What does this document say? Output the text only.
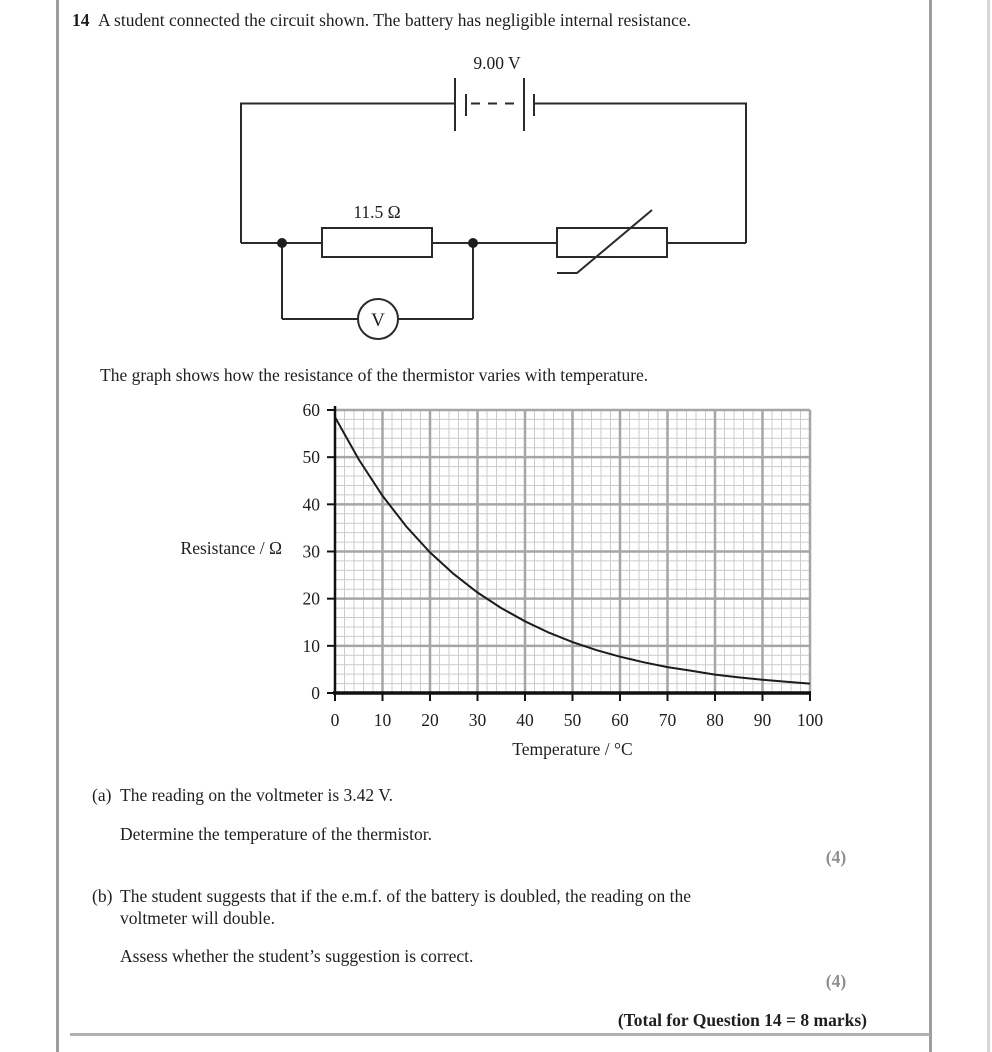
14 A student connected the circuit shown. The battery has negligible internal resistance.
9.00 V
11.5 Ω
V
The graph shows how the resistance of the thermistor varies with temperature.
Resistance / Ω
0 10 20 30 40 50 60 70 80 90 100
0
10
20
30
40
50
60
Temperature / °C
(a) The reading on the voltmeter is 3.42 V.
Determine the temperature of the thermistor.
(4)
(b) The student suggests that if the e.m.f. of the battery is doubled, the reading on the
voltmeter will double.
Assess whether the student’s suggestion is correct.
(4)
(Total for Question 14 = 8 marks)
